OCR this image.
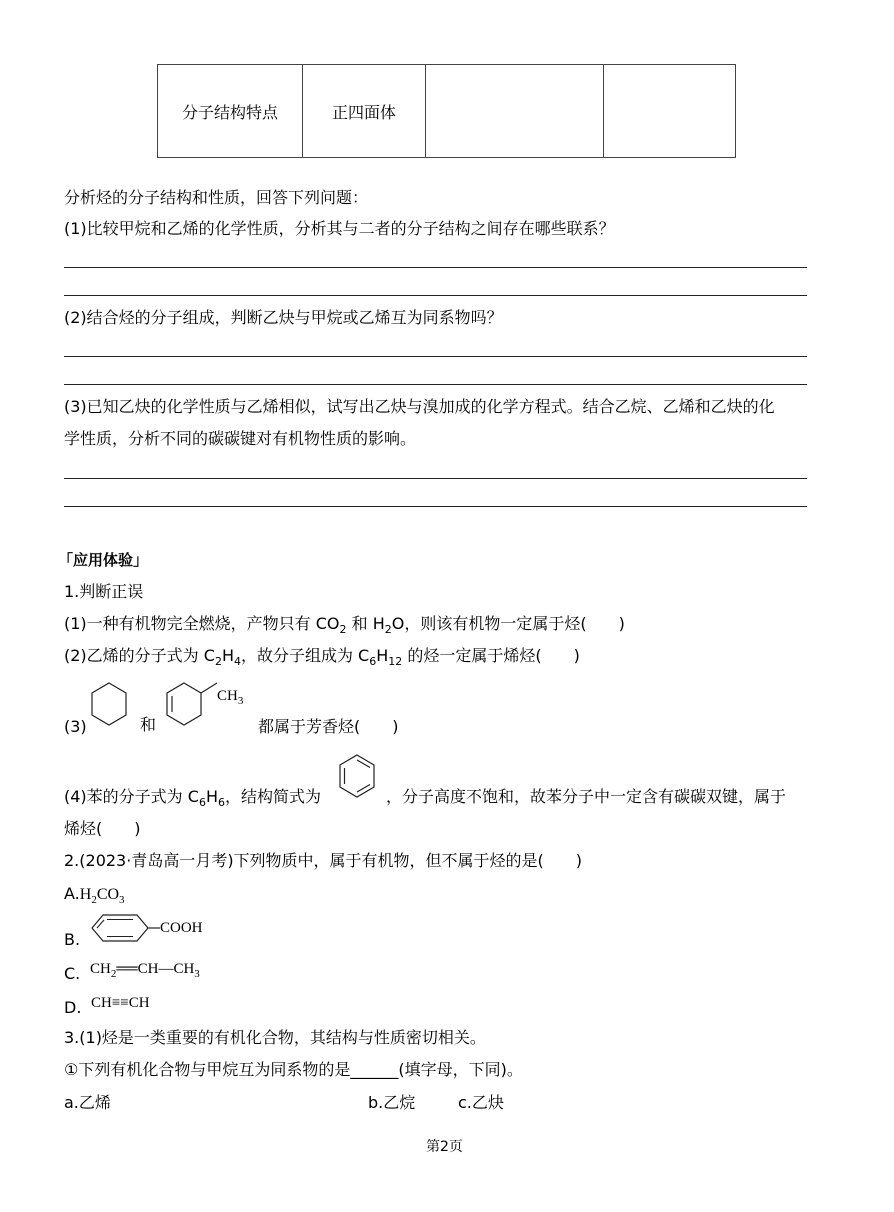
分子结构特点	正四面体		
分析烃的分子结构和性质，回答下列问题：
(1)比较甲烷和乙烯的化学性质，分析其与二者的分子结构之间存在哪些联系？
(2)结合烃的分子组成，判断乙炔与甲烷或乙烯互为同系物吗？
(3)已知乙炔的化学性质与乙烯相似，试写出乙炔与溴加成的化学方程式。结合乙烷、乙烯和乙炔的化
学性质，分析不同的碳碳键对有机物性质的影响。
「应用体验」
1.判断正误
(1)一种有机物完全燃烧，产物只有 $CO_2$ 和 $H_2O$，则该有机物一定属于烃(　　)
(2)乙烯的分子式为 $C_2H_4$，故分子组成为 $C_6H_{12}$ 的烃一定属于烯烃(　　)
(3)	和
$CH_3$
都属于芳香烃(　　)
(4)苯的分子式为 $C_6H_6$，结构简式为	，分子高度不饱和，故苯分子中一定含有碳碳双键，属于
烯烃(　　)
2.(2023·青岛高一月考)下列物质中，属于有机物，但不属于烃的是(　　)
$A.H_2CO_3$
B.
COOH
C. $CH_2══CH—CH_3$
D. CH≡≡CH
3.(1)烃是一类重要的有机化合物，其结构与性质密切相关。
①下列有机化合物与甲烷互为同系物的是______(填字母，下同)。
a.乙烯	b.乙烷	c.乙炔
第2页
